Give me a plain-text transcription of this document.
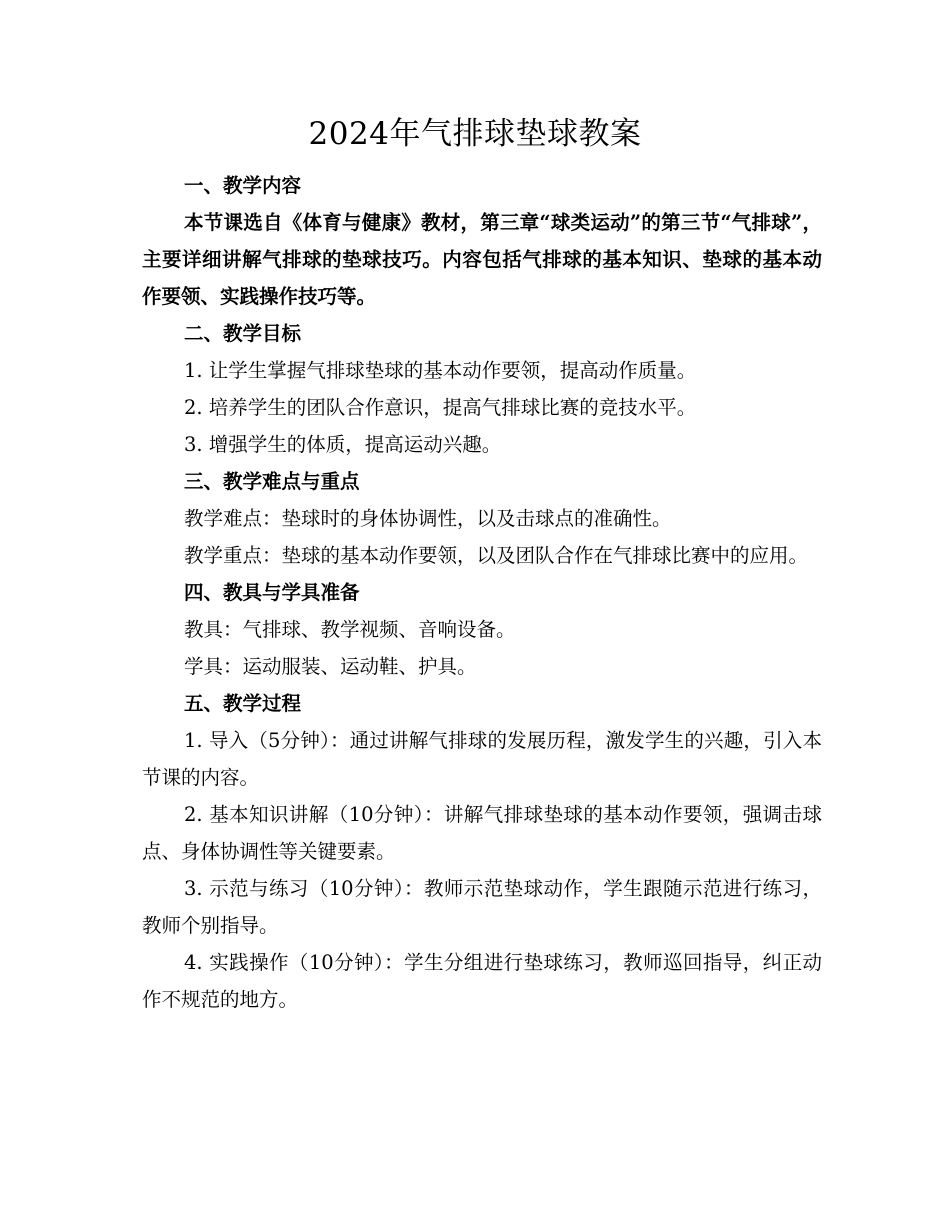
2024年气排球垫球教案

一、教学内容

本节课选自《体育与健康》教材，第三章“球类运动”的第三节“气排球”，主要详细讲解气排球的垫球技巧。内容包括气排球的基本知识、垫球的基本动作要领、实践操作技巧等。

二、教学目标

1. 让学生掌握气排球垫球的基本动作要领，提高动作质量。

2. 培养学生的团队合作意识，提高气排球比赛的竞技水平。

3. 增强学生的体质，提高运动兴趣。

三、教学难点与重点

教学难点：垫球时的身体协调性，以及击球点的准确性。

教学重点：垫球的基本动作要领，以及团队合作在气排球比赛中的应用。

四、教具与学具准备

教具：气排球、教学视频、音响设备。

学具：运动服装、运动鞋、护具。

五、教学过程

1. 导入（5分钟）：通过讲解气排球的发展历程，激发学生的兴趣，引入本节课的内容。

2. 基本知识讲解（10分钟）：讲解气排球垫球的基本动作要领，强调击球点、身体协调性等关键要素。

3. 示范与练习（10分钟）：教师示范垫球动作，学生跟随示范进行练习，教师个别指导。

4. 实践操作（10分钟）：学生分组进行垫球练习，教师巡回指导，纠正动作不规范的地方。
